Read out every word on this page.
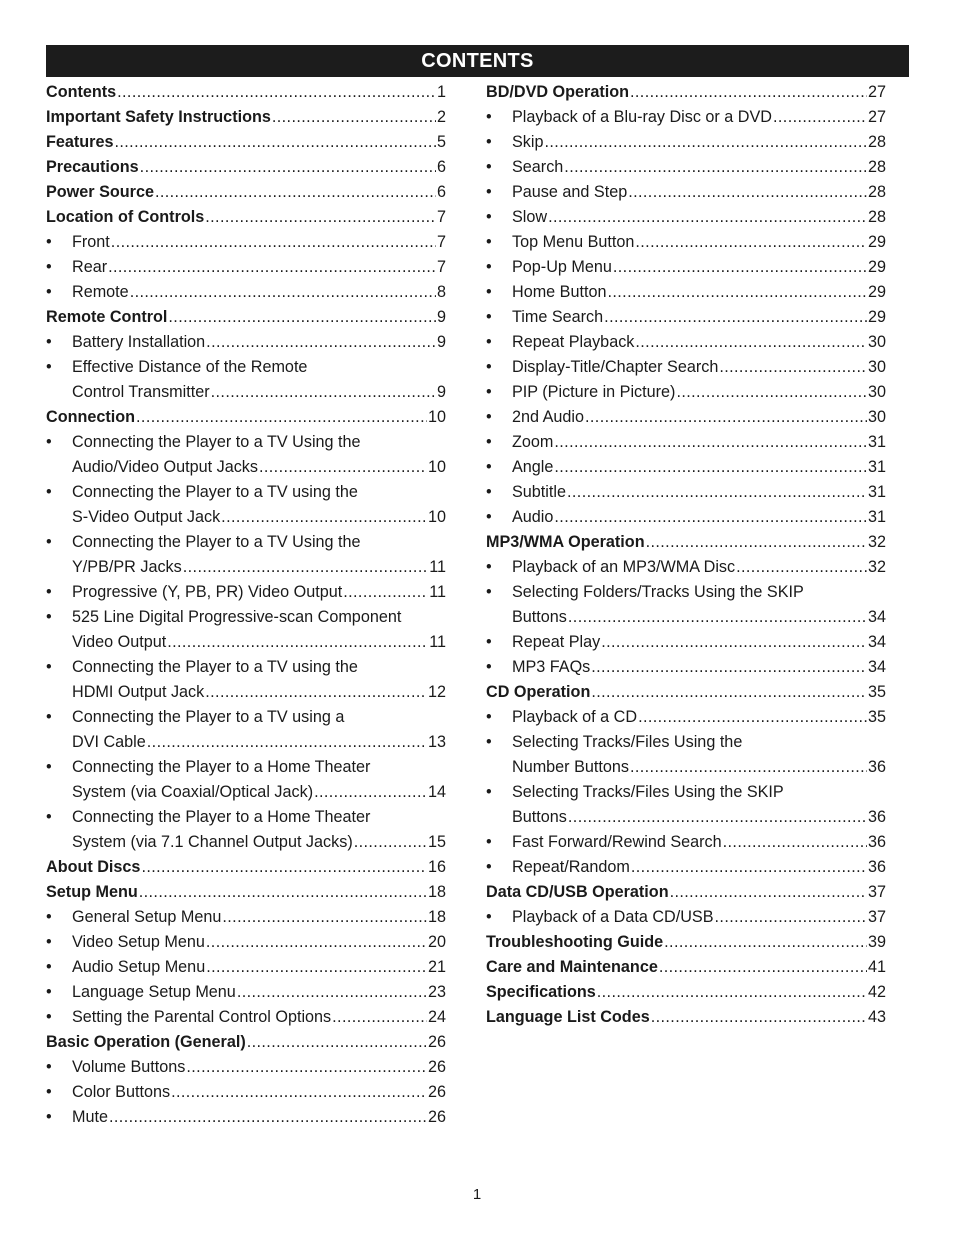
CONTENTS
Contents .....	1
Important Safety Instructions .....	2
Features .....	5
Precautions .....	6
Power Source .....	6
Location of Controls .....	7
•	Front .....	7
•	Rear .....	7
•	Remote .....	8
Remote Control .....	9
•	Battery Installation .....	9
•	Effective Distance of the Remote
Control Transmitter .....	9
Connection .....	10
•	Connecting the Player to a TV Using the
Audio/Video Output Jacks .....	10
•	Connecting the Player to a TV using the
S-Video Output Jack .....	10
•	Connecting the Player to a TV Using the
Y/PB/PR Jacks .....	11
•	Progressive (Y, PB, PR) Video Output .....	11
•	525 Line Digital Progressive-scan Component
Video Output .....	11
•	Connecting the Player to a TV using the
HDMI Output Jack .....	12
•	Connecting the Player to a TV using a
DVI Cable .....	13
•	Connecting the Player to a Home Theater
System (via Coaxial/Optical Jack) .....	14
•	Connecting the Player to a Home Theater
System (via 7.1 Channel Output Jacks) .....	15
About Discs .....	16
Setup Menu .....	18
•	General Setup Menu .....	18
•	Video Setup Menu .....	20
•	Audio Setup Menu .....	21
•	Language Setup Menu .....	23
•	Setting the Parental Control Options .....	24
Basic Operation (General) .....	26
•	Volume Buttons .....	26
•	Color Buttons .....	26
•	Mute .....	26
BD/DVD Operation .....	27
•	Playback of a Blu-ray Disc or a DVD .....	27
•	Skip .....	28
•	Search .....	28
•	Pause and Step .....	28
•	Slow .....	28
•	Top Menu Button .....	29
•	Pop-Up Menu .....	29
•	Home Button .....	29
•	Time Search .....	29
•	Repeat Playback .....	30
•	Display-Title/Chapter Search .....	30
•	PIP (Picture in Picture) .....	30
•	2nd Audio .....	30
•	Zoom .....	31
•	Angle .....	31
•	Subtitle .....	31
•	Audio .....	31
MP3/WMA Operation .....	32
•	Playback of an MP3/WMA Disc .....	32
•	Selecting Folders/Tracks Using the SKIP
Buttons .....	34
•	Repeat Play .....	34
•	MP3 FAQs .....	34
CD Operation .....	35
•	Playback of a CD .....	35
•	Selecting Tracks/Files Using the
Number Buttons .....	36
•	Selecting Tracks/Files Using the SKIP
Buttons .....	36
•	Fast Forward/Rewind Search .....	36
•	Repeat/Random .....	36
Data CD/USB Operation .....	37
•	Playback of a Data CD/USB .....	37
Troubleshooting Guide .....	39
Care and Maintenance .....	41
Specifications .....	42
Language List Codes .....	43
1
